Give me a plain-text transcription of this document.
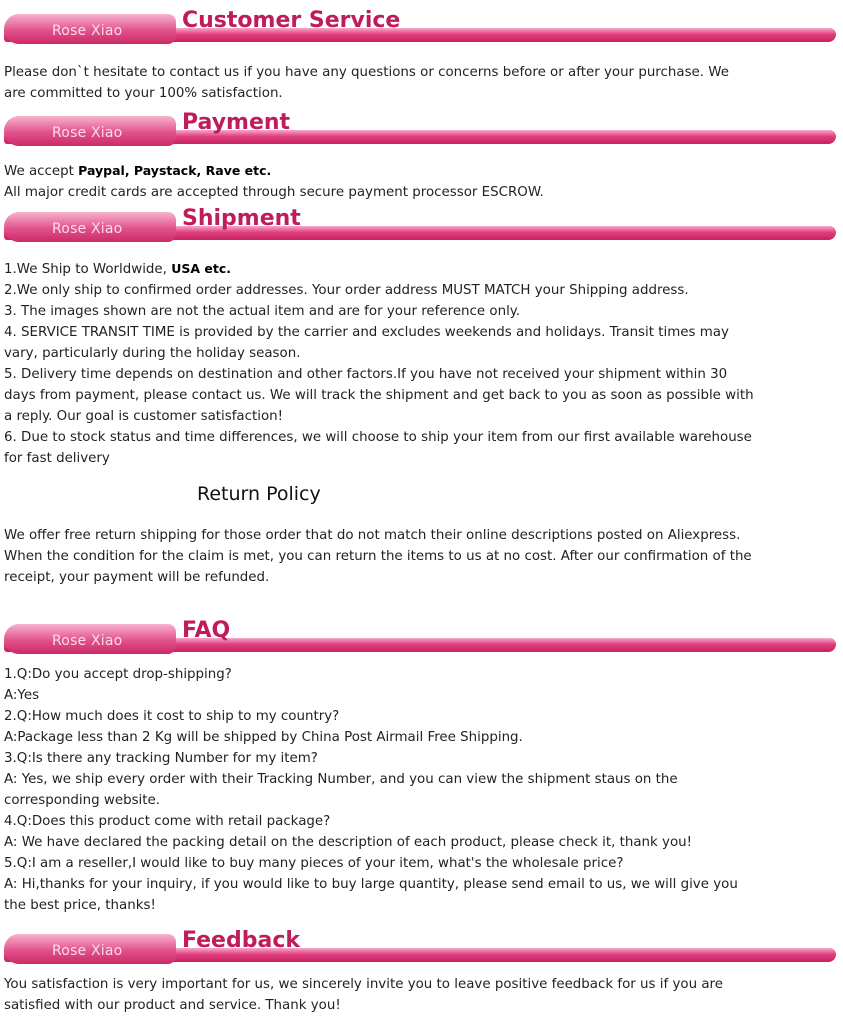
Rose Xiao	Customer Service
Please don`t hesitate to contact us if you have any questions or concerns before or after your purchase. We
are committed to your 100% satisfaction.
Rose Xiao	Payment
We accept Paypal, Paystack, Rave etc.
All major credit cards are accepted through secure payment processor ESCROW.
Rose Xiao	Shipment
1.We Ship to Worldwide, USA etc.
2.We only ship to confirmed order addresses. Your order address MUST MATCH your Shipping address.
3. The images shown are not the actual item and are for your reference only.
4. SERVICE TRANSIT TIME is provided by the carrier and excludes weekends and holidays. Transit times may
vary, particularly during the holiday season.
5. Delivery time depends on destination and other factors.If you have not received your shipment within 30
days from payment, please contact us. We will track the shipment and get back to you as soon as possible with
a reply. Our goal is customer satisfaction!
6. Due to stock status and time differences, we will choose to ship your item from our first available warehouse
for fast delivery
Return Policy
We offer free return shipping for those order that do not match their online descriptions posted on Aliexpress.
When the condition for the claim is met, you can return the items to us at no cost. After our confirmation of the
receipt, your payment will be refunded.
Rose Xiao	FAQ
1.Q:Do you accept drop-shipping?
A:Yes
2.Q:How much does it cost to ship to my country?
A:Package less than 2 Kg will be shipped by China Post Airmail Free Shipping.
3.Q:Is there any tracking Number for my item?
A: Yes, we ship every order with their Tracking Number, and you can view the shipment staus on the
corresponding website.
4.Q:Does this product come with retail package?
A: We have declared the packing detail on the description of each product, please check it, thank you!
5.Q:I am a reseller,I would like to buy many pieces of your item, what's the wholesale price?
A: Hi,thanks for your inquiry, if you would like to buy large quantity, please send email to us, we will give you
the best price, thanks!
Rose Xiao	Feedback
You satisfaction is very important for us, we sincerely invite you to leave positive feedback for us if you are
satisfied with our product and service. Thank you!
